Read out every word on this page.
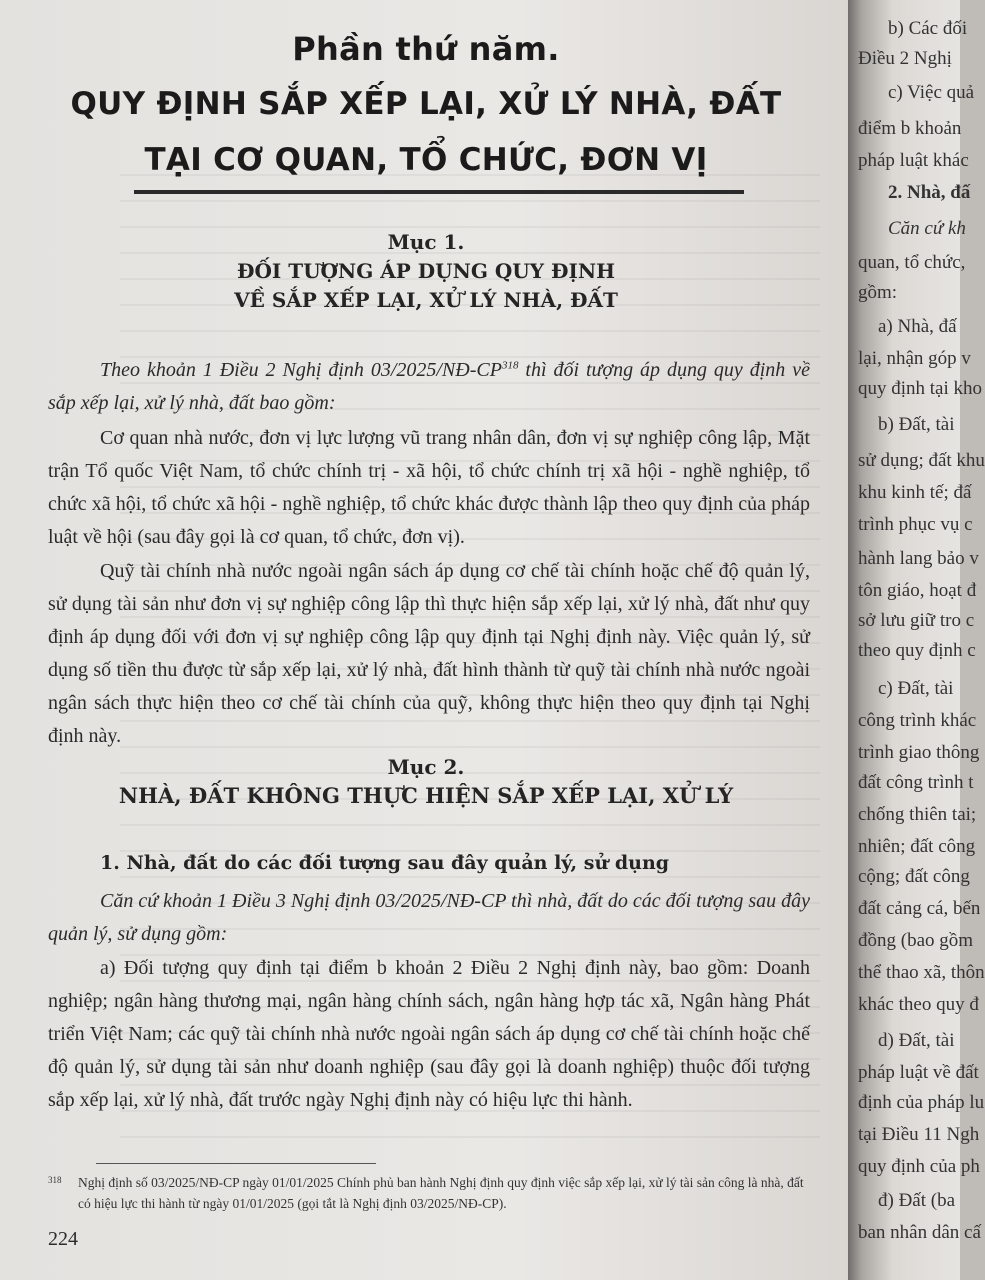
Phần thứ năm.
QUY ĐỊNH SẮP XẾP LẠI, XỬ LÝ NHÀ, ĐẤT
TẠI CƠ QUAN, TỔ CHỨC, ĐƠN VỊ
Mục 1.
ĐỐI TƯỢNG ÁP DỤNG QUY ĐỊNH
VỀ SẮP XẾP LẠI, XỬ LÝ NHÀ, ĐẤT

Theo khoản 1 Điều 2 Nghị định 03/2025/NĐ-CP$^{318}$ thì đối tượng áp dụng quy định về sắp xếp lại, xử lý nhà, đất bao gồm:

Cơ quan nhà nước, đơn vị lực lượng vũ trang nhân dân, đơn vị sự nghiệp công lập, Mặt trận Tổ quốc Việt Nam, tổ chức chính trị - xã hội, tổ chức chính trị xã hội - nghề nghiệp, tổ chức xã hội, tổ chức xã hội - nghề nghiệp, tổ chức khác được thành lập theo quy định của pháp luật về hội (sau đây gọi là cơ quan, tổ chức, đơn vị).

Quỹ tài chính nhà nước ngoài ngân sách áp dụng cơ chế tài chính hoặc chế độ quản lý, sử dụng tài sản như đơn vị sự nghiệp công lập thì thực hiện sắp xếp lại, xử lý nhà, đất như quy định áp dụng đối với đơn vị sự nghiệp công lập quy định tại Nghị định này. Việc quản lý, sử dụng số tiền thu được từ sắp xếp lại, xử lý nhà, đất hình thành từ quỹ tài chính nhà nước ngoài ngân sách thực hiện theo cơ chế tài chính của quỹ, không thực hiện theo quy định tại Nghị định này.

Mục 2.
NHÀ, ĐẤT KHÔNG THỰC HIỆN SẮP XẾP LẠI, XỬ LÝ
1. Nhà, đất do các đối tượng sau đây quản lý, sử dụng

Căn cứ khoản 1 Điều 3 Nghị định 03/2025/NĐ-CP thì nhà, đất do các đối tượng sau đây quản lý, sử dụng gồm:

a) Đối tượng quy định tại điểm b khoản 2 Điều 2 Nghị định này, bao gồm: Doanh nghiệp; ngân hàng thương mại, ngân hàng chính sách, ngân hàng hợp tác xã, Ngân hàng Phát triển Việt Nam; các quỹ tài chính nhà nước ngoài ngân sách áp dụng cơ chế tài chính hoặc chế độ quản lý, sử dụng tài sản như doanh nghiệp (sau đây gọi là doanh nghiệp) thuộc đối tượng sắp xếp lại, xử lý nhà, đất trước ngày Nghị định này có hiệu lực thi hành.

318 Nghị định số 03/2025/NĐ-CP ngày 01/01/2025 Chính phủ ban hành Nghị định quy định việc sắp xếp lại, xử lý tài sản công là nhà, đất có hiệu lực thi hành từ ngày 01/01/2025 (gọi tắt là Nghị định 03/2025/NĐ-CP).
224
b) Các đối
Điều 2 Nghị
c) Việc quả
điểm b khoản
pháp luật khác
2. Nhà, đấ
Căn cứ kh
quan, tổ chức,
gồm:
a) Nhà, đấ
lại, nhận góp v
quy định tại kho
b) Đất, tài
sử dụng; đất khu
khu kinh tế; đấ
trình phục vụ c
hành lang bảo v
tôn giáo, hoạt đ
sở lưu giữ tro c
theo quy định c
c) Đất, tài
công trình khác
trình giao thông
đất công trình t
chống thiên tai;
nhiên; đất công
cộng; đất công
đất cảng cá, bến
đồng (bao gồm
thể thao xã, thôn
khác theo quy đ
d) Đất, tài
pháp luật về đất
định của pháp lu
tại Điều 11 Ngh
quy định của ph
đ) Đất (ba
ban nhân dân cấ
